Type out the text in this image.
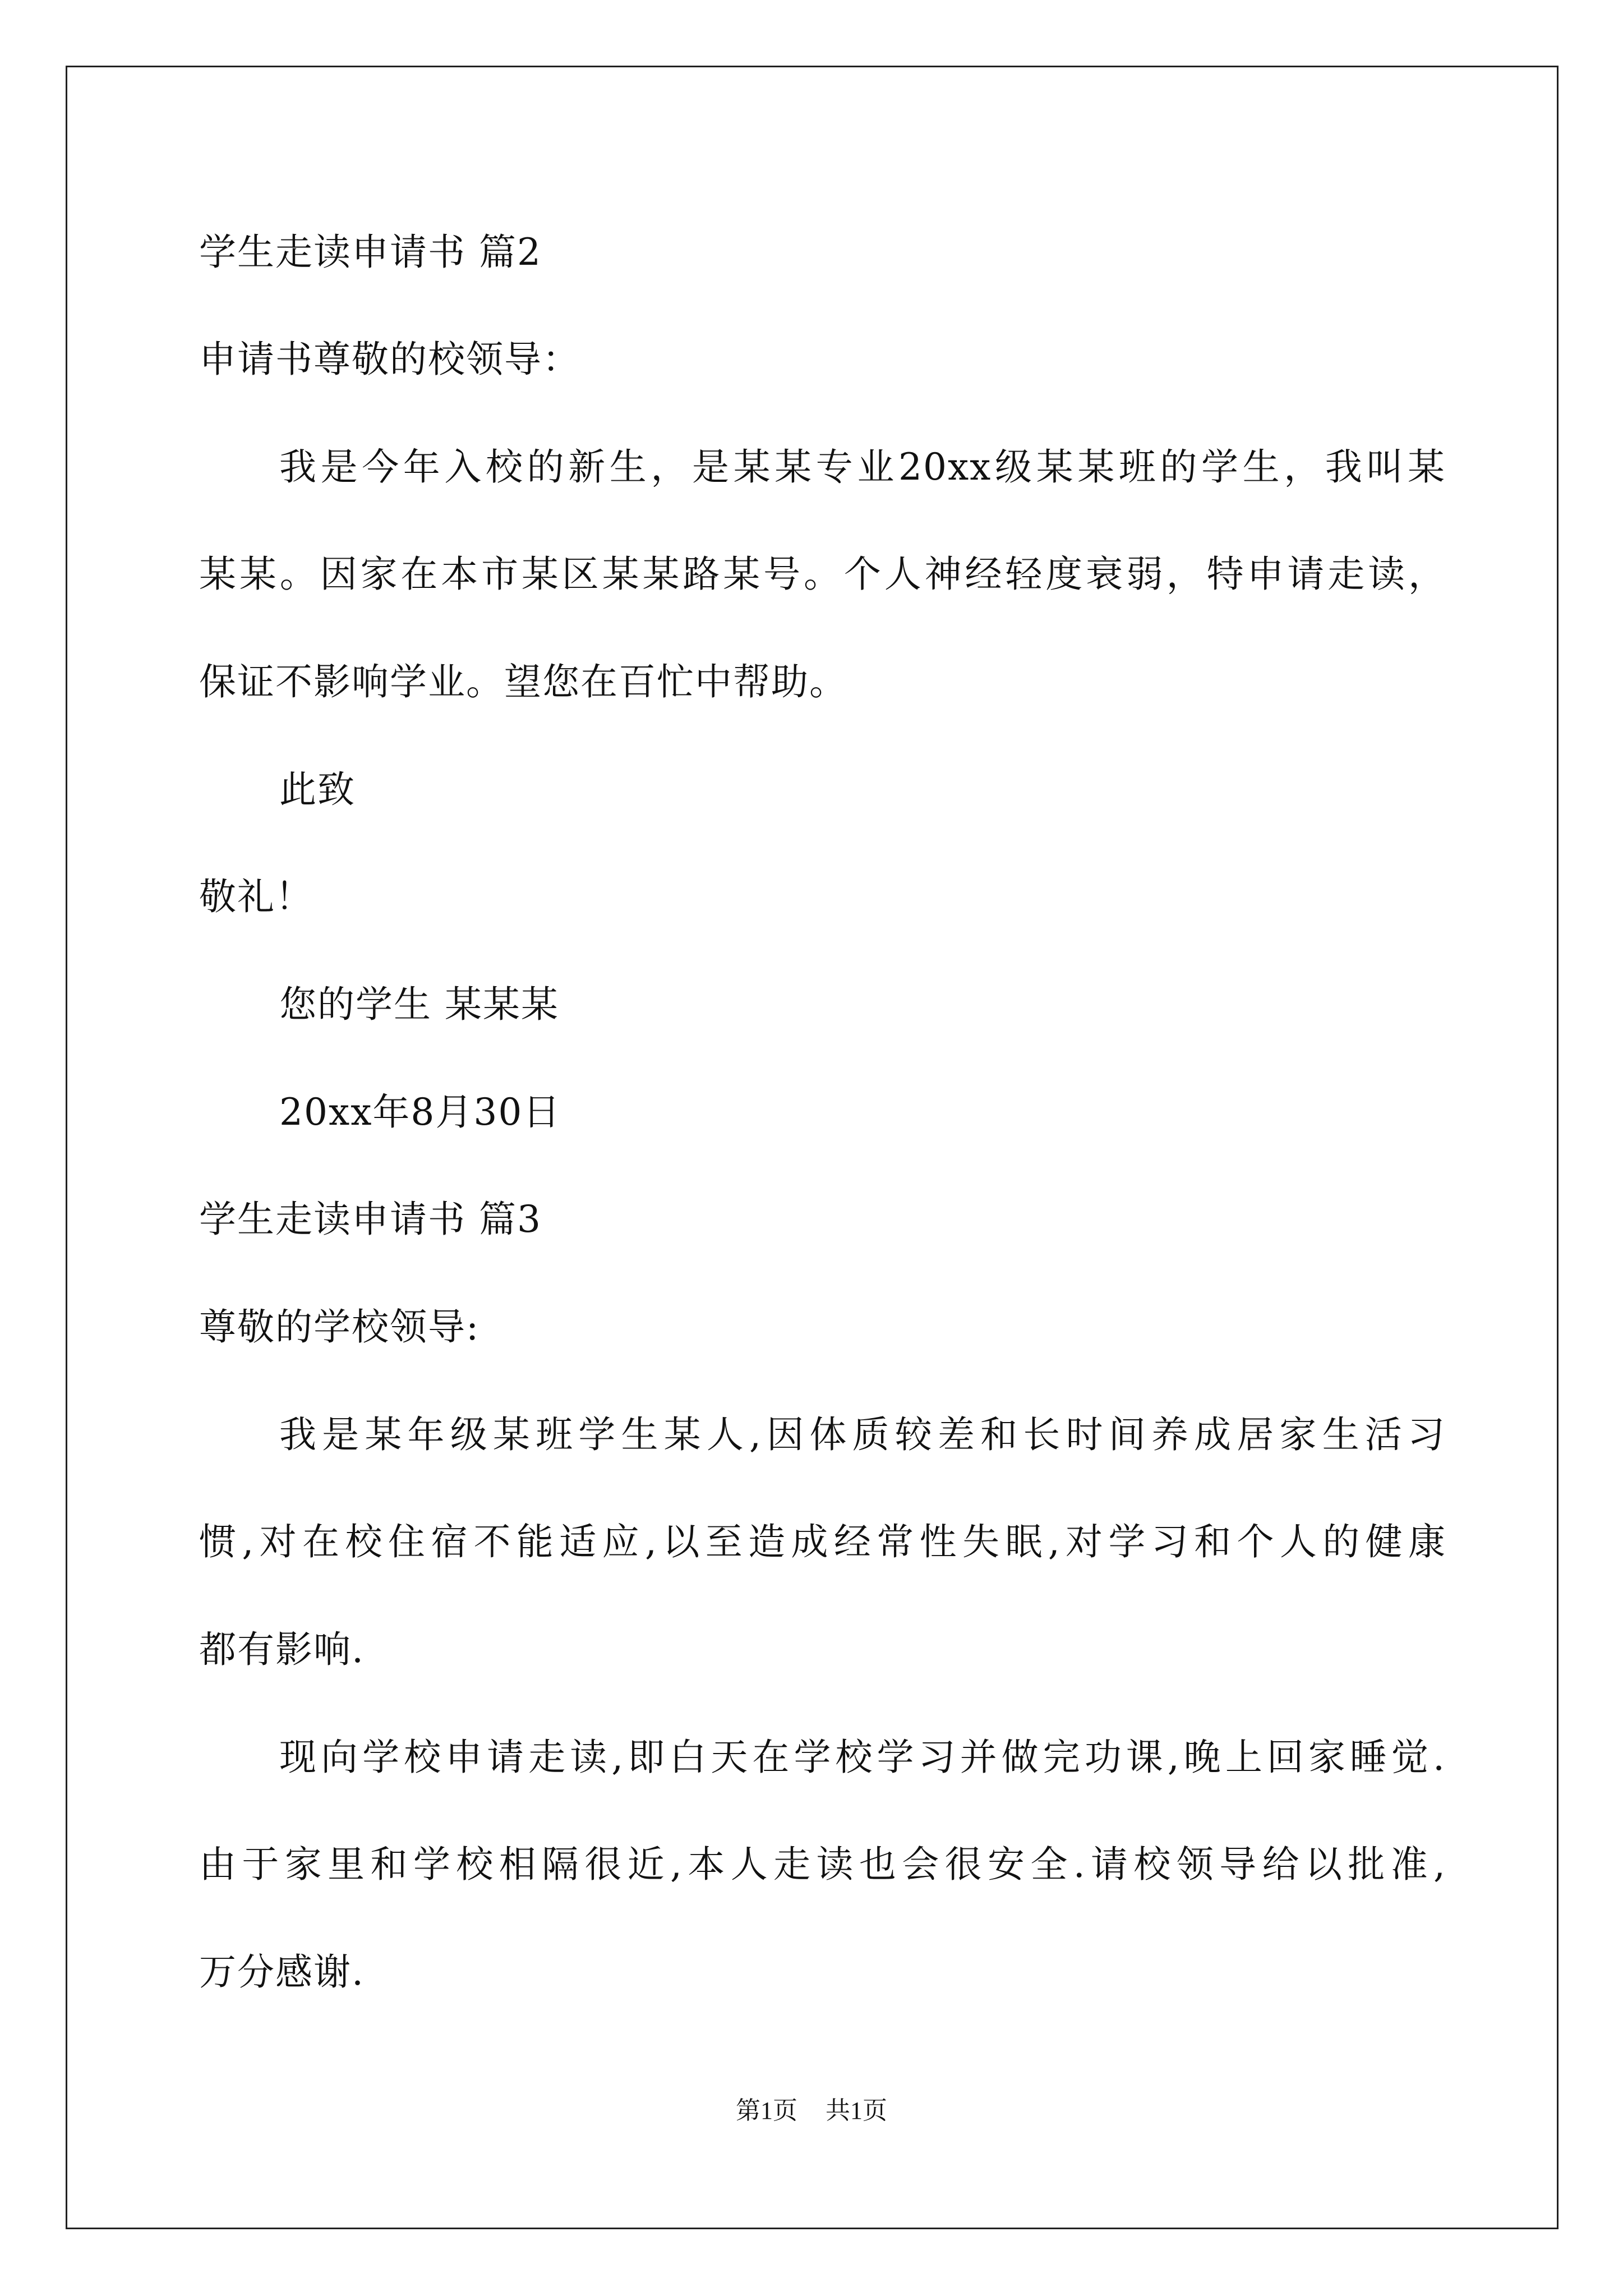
学生走读申请书 篇2
申请书尊敬的校领导：
我是今年入校的新生，是某某专业20xx级某某班的学生，我叫某
某某。因家在本市某区某某路某号。个人神经轻度衰弱，特申请走读，
保证不影响学业。望您在百忙中帮助。
此致
敬礼！
您的学生 某某某
20xx年8月30日
学生走读申请书 篇3
尊敬的学校领导:
我是某年级某班学生某人,因体质较差和长时间养成居家生活习
惯,对在校住宿不能适应,以至造成经常性失眠,对学习和个人的健康
都有影响.
现向学校申请走读,即白天在学校学习并做完功课,晚上回家睡觉.
由于家里和学校相隔很近,本人走读也会很安全.请校领导给以批准,
万分感谢.
第1页 共1页
